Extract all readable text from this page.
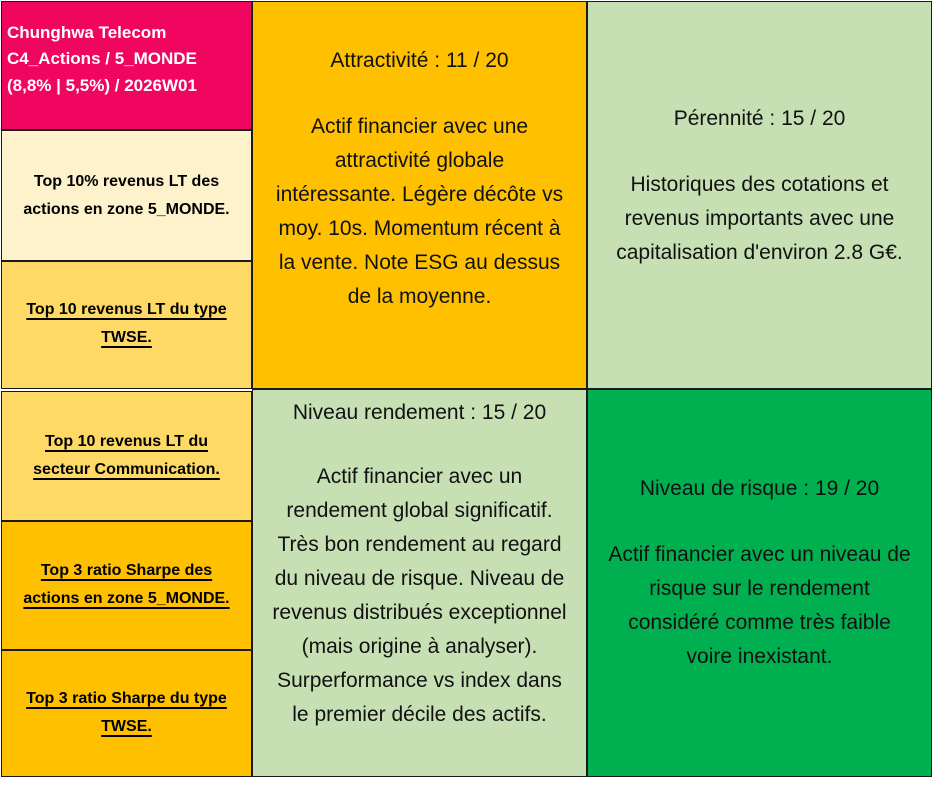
Chunghwa Telecom
C4_Actions / 5_MONDE
(8,8% | 5,5%) / 2026W01
Top 10% revenus LT des
actions en zone 5_MONDE.
Top 10 revenus LT du type
TWSE.
Top 10 revenus LT du
secteur Communication.
Top 3 ratio Sharpe des
actions en zone 5_MONDE.
Top 3 ratio Sharpe du type
TWSE.
Attractivité : 11 / 20
Actif financier avec une
attractivité globale
intéressante. Légère décôte vs
moy. 10s. Momentum récent à
la vente. Note ESG au dessus
de la moyenne.
Pérennité : 15 / 20
Historiques des cotations et
revenus importants avec une
capitalisation d'environ 2.8 G€.
Niveau rendement : 15 / 20
Actif financier avec un
rendement global significatif.
Très bon rendement au regard
du niveau de risque. Niveau de
revenus distribués exceptionnel
(mais origine à analyser).
Surperformance vs index dans
le premier décile des actifs.
Niveau de risque : 19 / 20
Actif financier avec un niveau de
risque sur le rendement
considéré comme très faible
voire inexistant.
